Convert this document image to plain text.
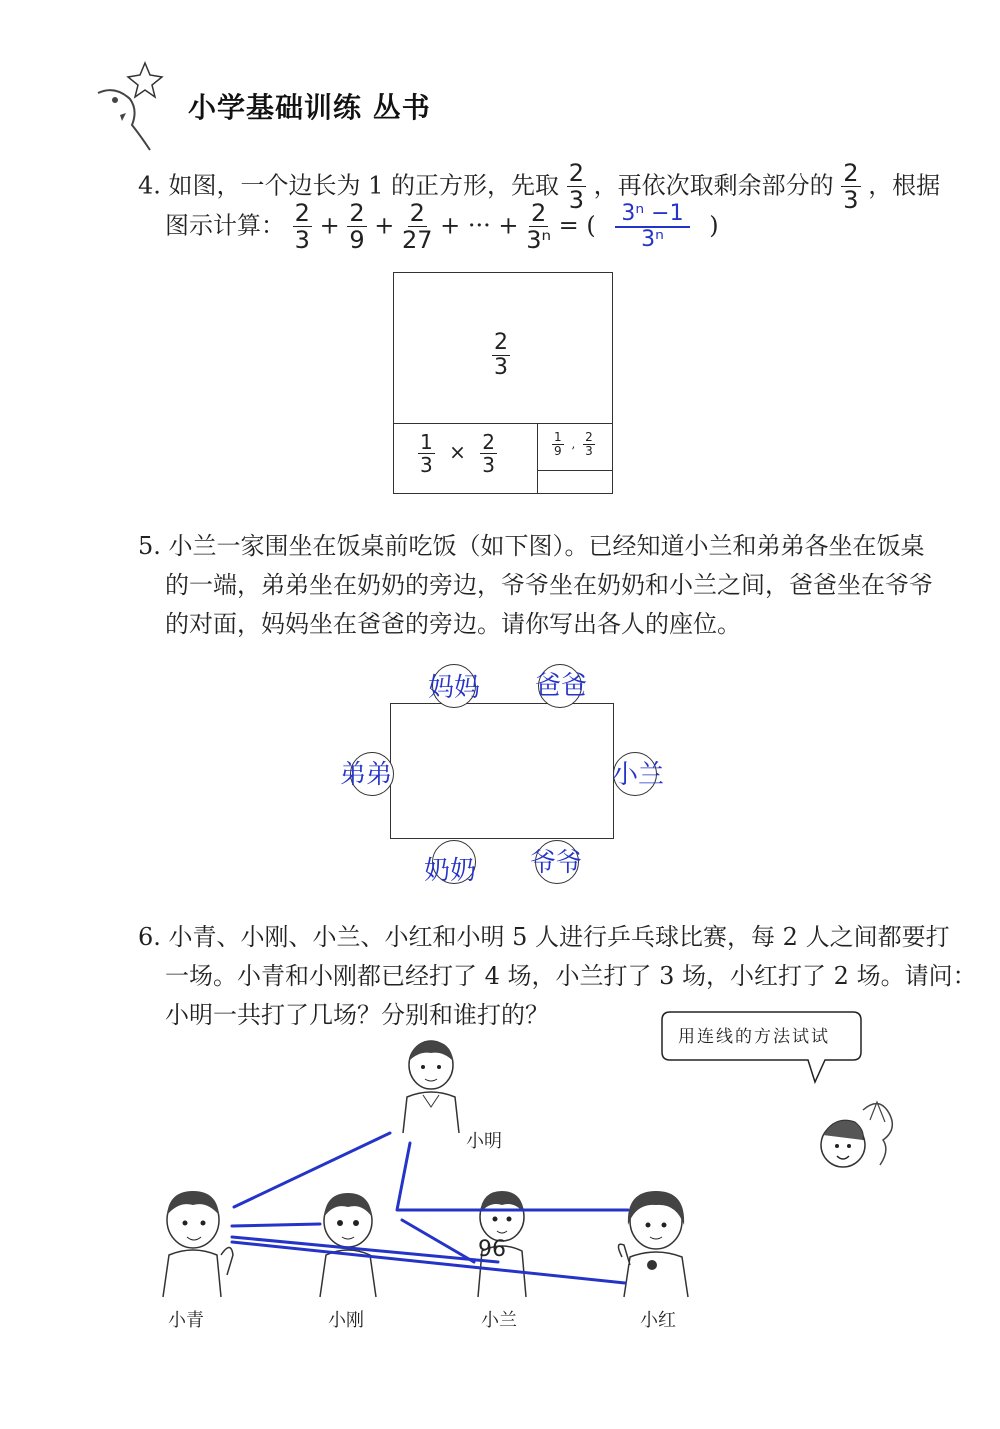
小学基础训练 丛书
4. 如图，一个边长为 1 的正方形，先取 $\frac{2}{3}$ ，再依次取剩余部分的 $\frac{2}{3}$ ，根据
图示计算： $\frac{2}{3} + \frac{2}{9} + \frac{2}{27}$ + ··· + $\frac{2}{\text{3ⁿ}}$ = ( $\frac{\text{3ⁿ −1}}{\text{3ⁿ}}$ )
$\frac{2}{3}$
$\frac{1}{3} \times \frac{2}{3}$	$\frac{1}{9}$ , $\frac{2}{3}$
5. 小兰一家围坐在饭桌前吃饭（如下图）。已经知道小兰和弟弟各坐在饭桌
的一端，弟弟坐在奶奶的旁边，爷爷坐在奶奶和小兰之间，爸爸坐在爷爷
的对面，妈妈坐在爸爸的旁边。请你写出各人的座位。
妈妈 爸爸
弟弟	小兰
奶奶 爷爷
6. 小青、小刚、小兰、小红和小明 5 人进行乒乓球比赛，每 2 人之间都要打
一场。小青和小刚都已经打了 4 场，小兰打了 3 场，小红打了 2 场。请问：
小明一共打了几场？分别和谁打的？
用连线的方法试试
小明
小青	小刚	小兰	小红
96
